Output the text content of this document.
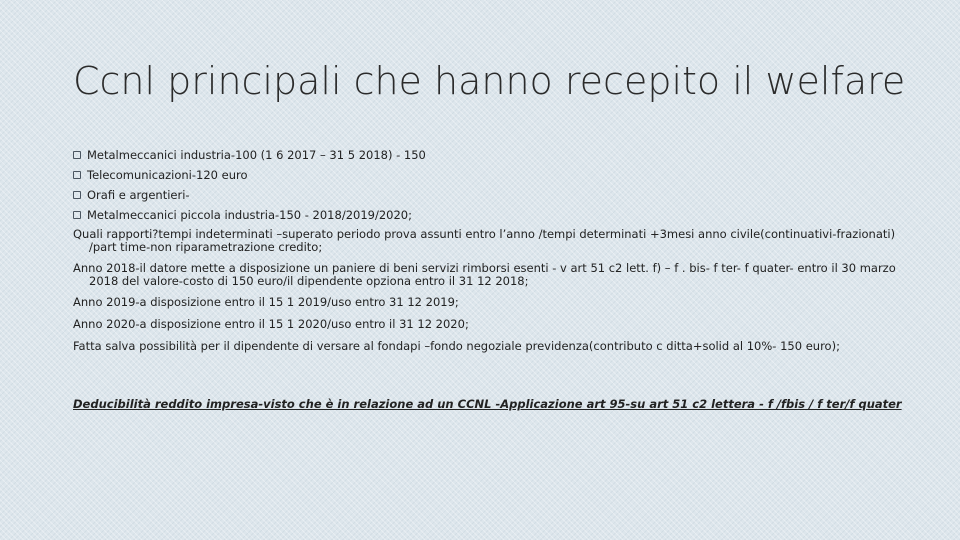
Ccnl principali che hanno recepito il welfare
Metalmeccanici industria-100 (1 6 2017 – 31 5 2018) - 150
Telecomunicazioni-120 euro
Orafi e argentieri-
Metalmeccanici piccola industria-150 - 2018/2019/2020;
Quali rapporti?tempi indeterminati –superato periodo prova assunti entro l’anno /tempi determinati +3mesi anno civile(continuativi-frazionati) /part time-non riparametrazione credito;
Anno 2018-il datore mette a disposizione un paniere di beni servizi rimborsi esenti - v art 51 c2 lett. f) – f . bis- f ter- f quater- entro il 30 marzo 2018 del valore-costo di 150 euro/il dipendente opziona entro il 31 12 2018;
Anno 2019-a disposizione entro il 15 1 2019/uso entro 31 12 2019;
Anno 2020-a disposizione entro il 15 1 2020/uso entro il 31 12 2020;
Fatta salva possibilità per il dipendente di versare al fondapi –fondo negoziale previdenza(contributo c ditta+solid al 10%- 150 euro);
Deducibilità reddito impresa-visto che è in relazione ad un CCNL -Applicazione art 95-su art 51 c2 lettera - f /fbis / f ter/f quater
